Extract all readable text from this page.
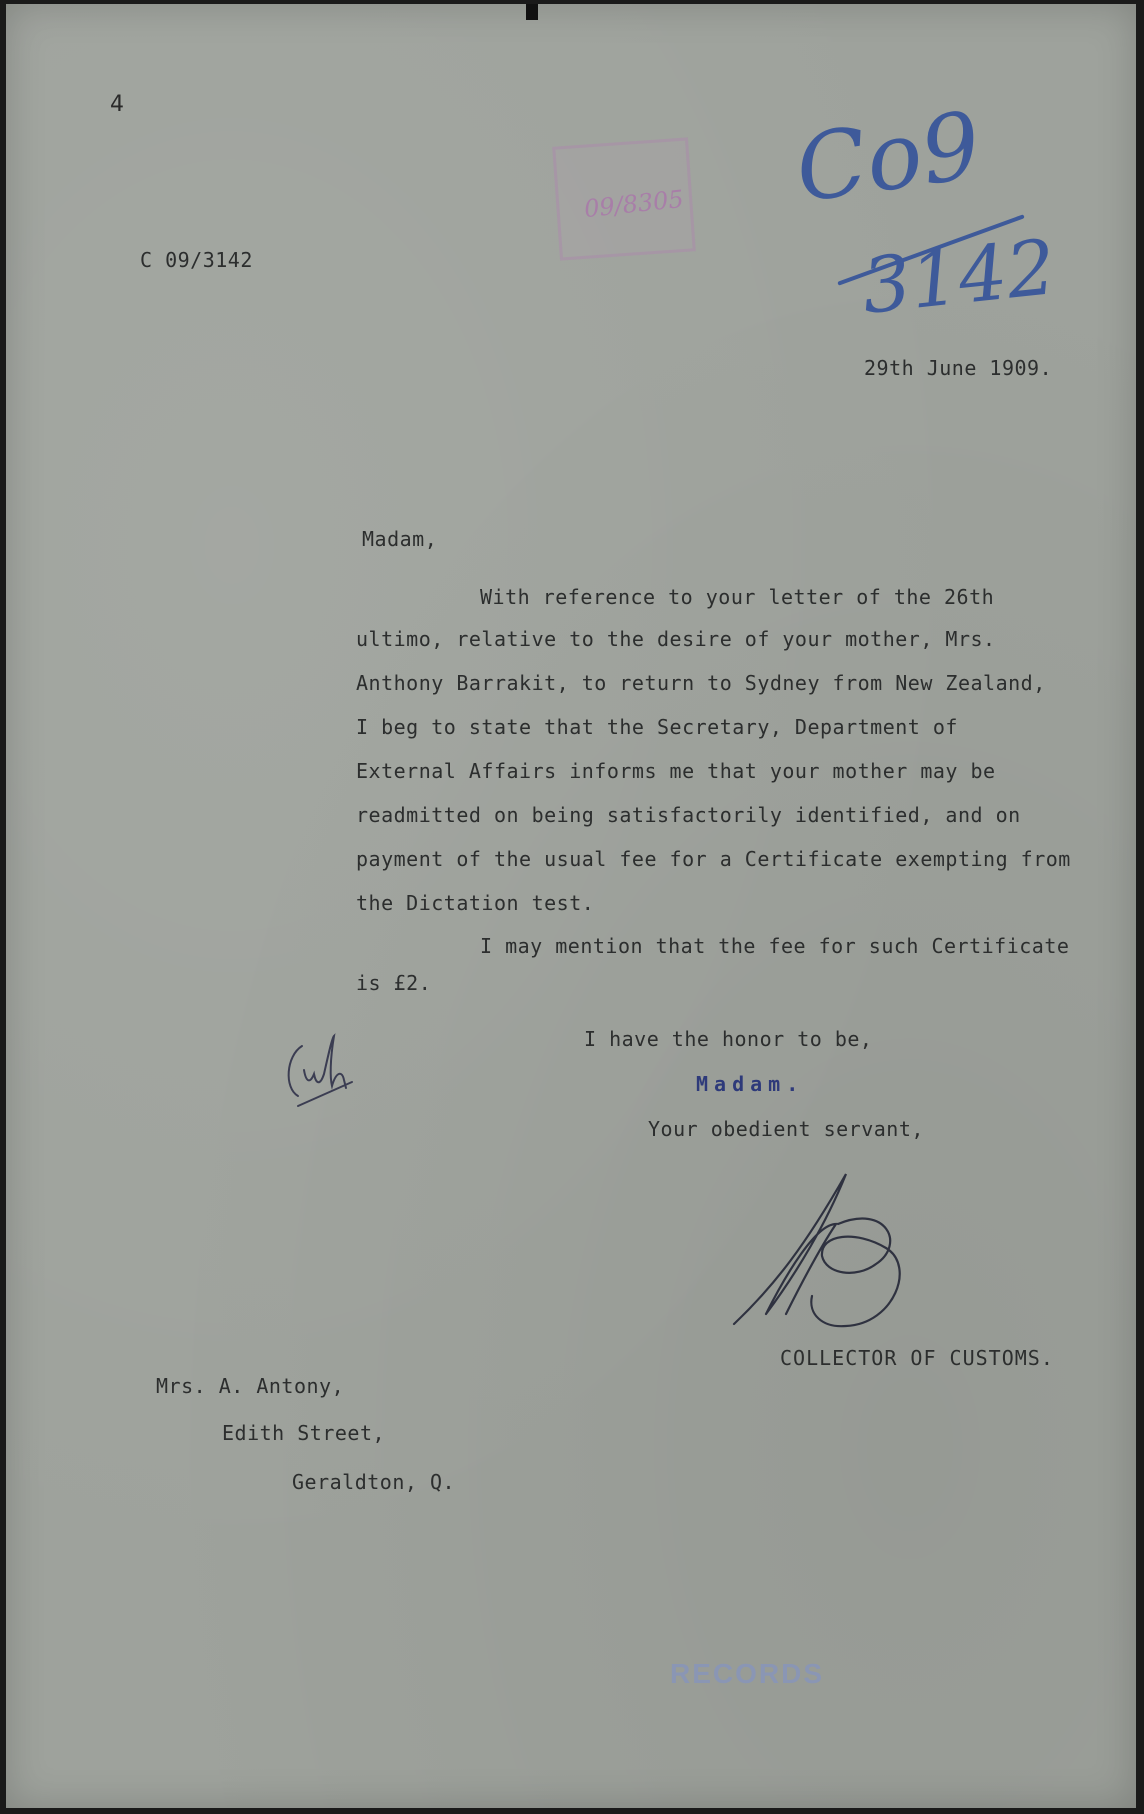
4
09/8305 Co9
3142
C 09/3142
29th June 1909.
Madam,
With reference to your letter of the 26th
ultimo, relative to the desire of your mother, Mrs.
Anthony Barrakit, to return to Sydney from New Zealand,
I beg to state that the Secretary, Department of
External Affairs informs me that your mother may be
readmitted on being satisfactorily identified, and on
payment of the usual fee for a Certificate exempting from
the Dictation test.
I may mention that the fee for such Certificate
is £2.
I have the honor to be,
Madam.
Your obedient servant,
COLLECTOR OF CUSTOMS.
Mrs. A. Antony,
Edith Street,
Geraldton, Q.
RECORDS
